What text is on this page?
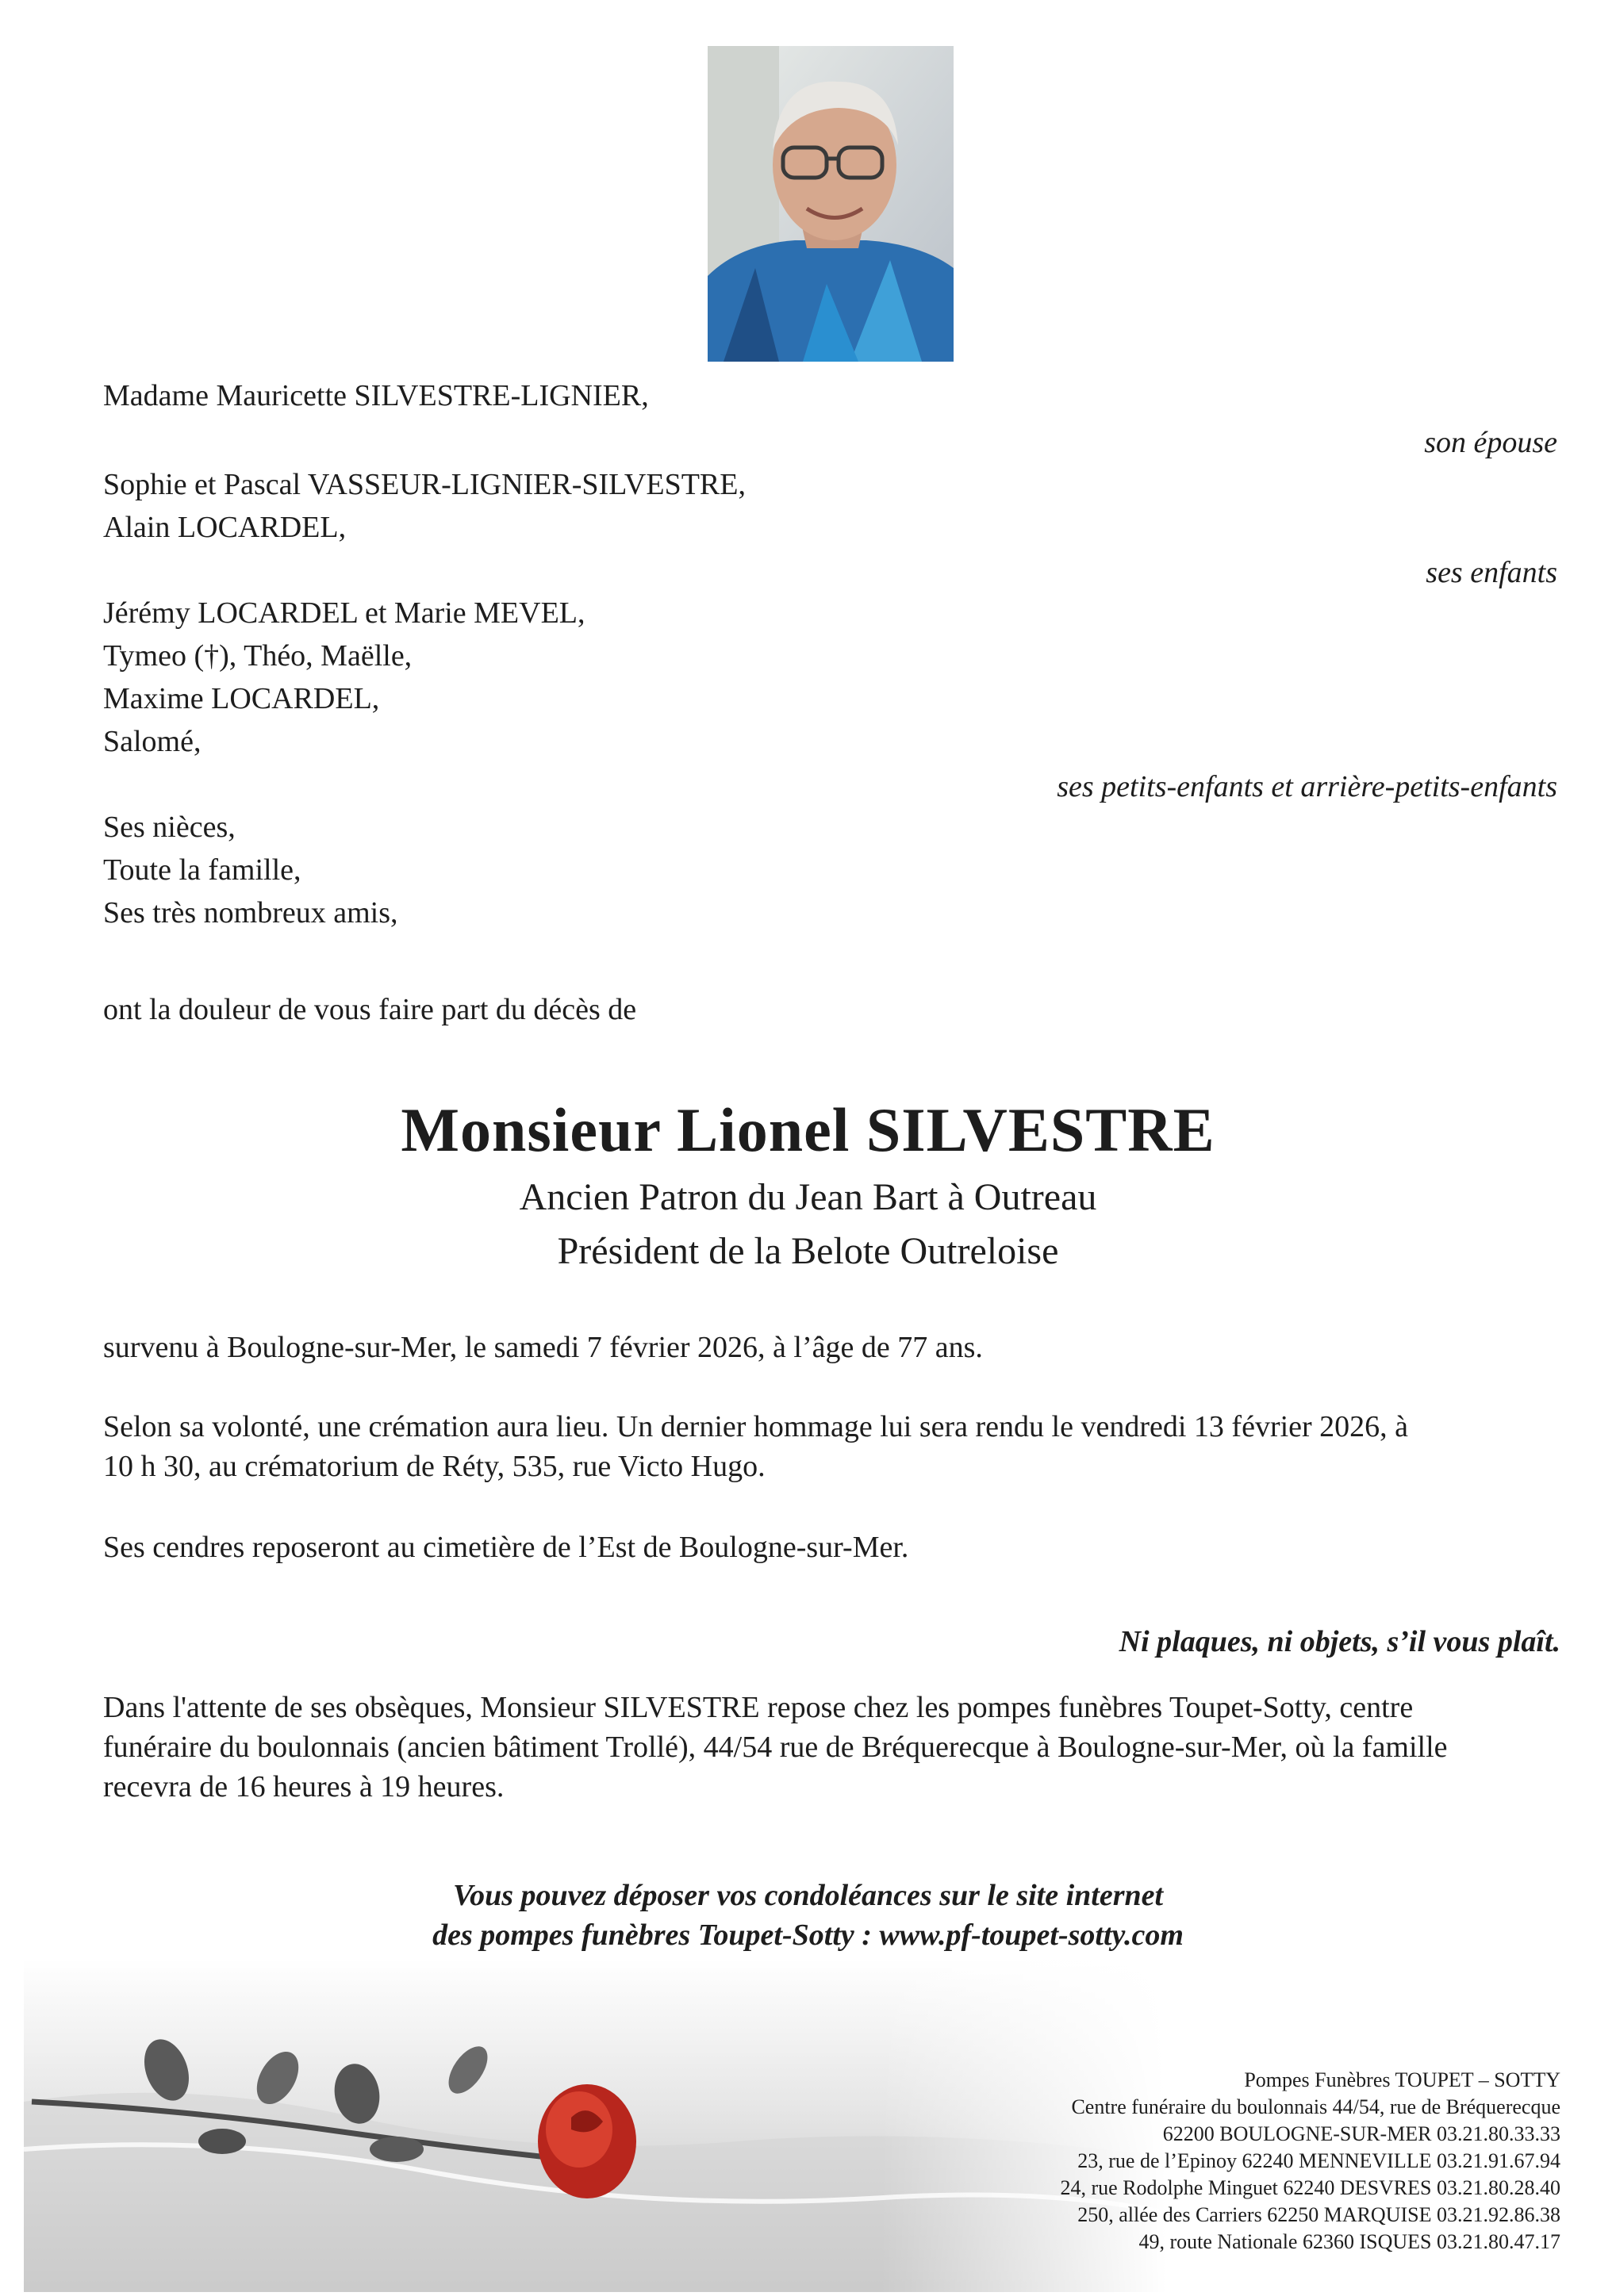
Madame Mauricette SILVESTRE-LIGNIER,
son épouse
Sophie et Pascal VASSEUR-LIGNIER-SILVESTRE,
Alain LOCARDEL,
ses enfants
Jérémy LOCARDEL et Marie MEVEL,
Tymeo (†), Théo, Maëlle,
Maxime LOCARDEL,
Salomé,
ses petits-enfants et arrière-petits-enfants
Ses nièces,
Toute la famille,
Ses très nombreux amis,
ont la douleur de vous faire part du décès de
Monsieur Lionel SILVESTRE
Ancien Patron du Jean Bart à Outreau
Président de la Belote Outreloise
survenu à Boulogne-sur-Mer, le samedi 7 février 2026, à l’âge de 77 ans.
Selon sa volonté, une crémation aura lieu. Un dernier hommage lui sera rendu le vendredi 13 février 2026, à
10 h 30, au crématorium de Réty, 535, rue Victo Hugo.
Ses cendres reposeront au cimetière de l’Est de Boulogne-sur-Mer.
Ni plaques, ni objets, s’il vous plaît.
Dans l'attente de ses obsèques, Monsieur SILVESTRE repose chez les pompes funèbres Toupet-Sotty, centre
funéraire du boulonnais (ancien bâtiment Trollé), 44/54 rue de Bréquerecque à Boulogne-sur-Mer, où la famille
recevra de 16 heures à 19 heures.
Vous pouvez déposer vos condoléances sur le site internet
des pompes funèbres Toupet-Sotty : www.pf-toupet-sotty.com
Pompes Funèbres TOUPET – SOTTY
Centre funéraire du boulonnais 44/54, rue de Bréquerecque
62200 BOULOGNE-SUR-MER 03.21.80.33.33
23, rue de l’Epinoy 62240 MENNEVILLE 03.21.91.67.94
24, rue Rodolphe Minguet 62240 DESVRES 03.21.80.28.40
250, allée des Carriers 62250 MARQUISE 03.21.92.86.38
49, route Nationale 62360 ISQUES 03.21.80.47.17
